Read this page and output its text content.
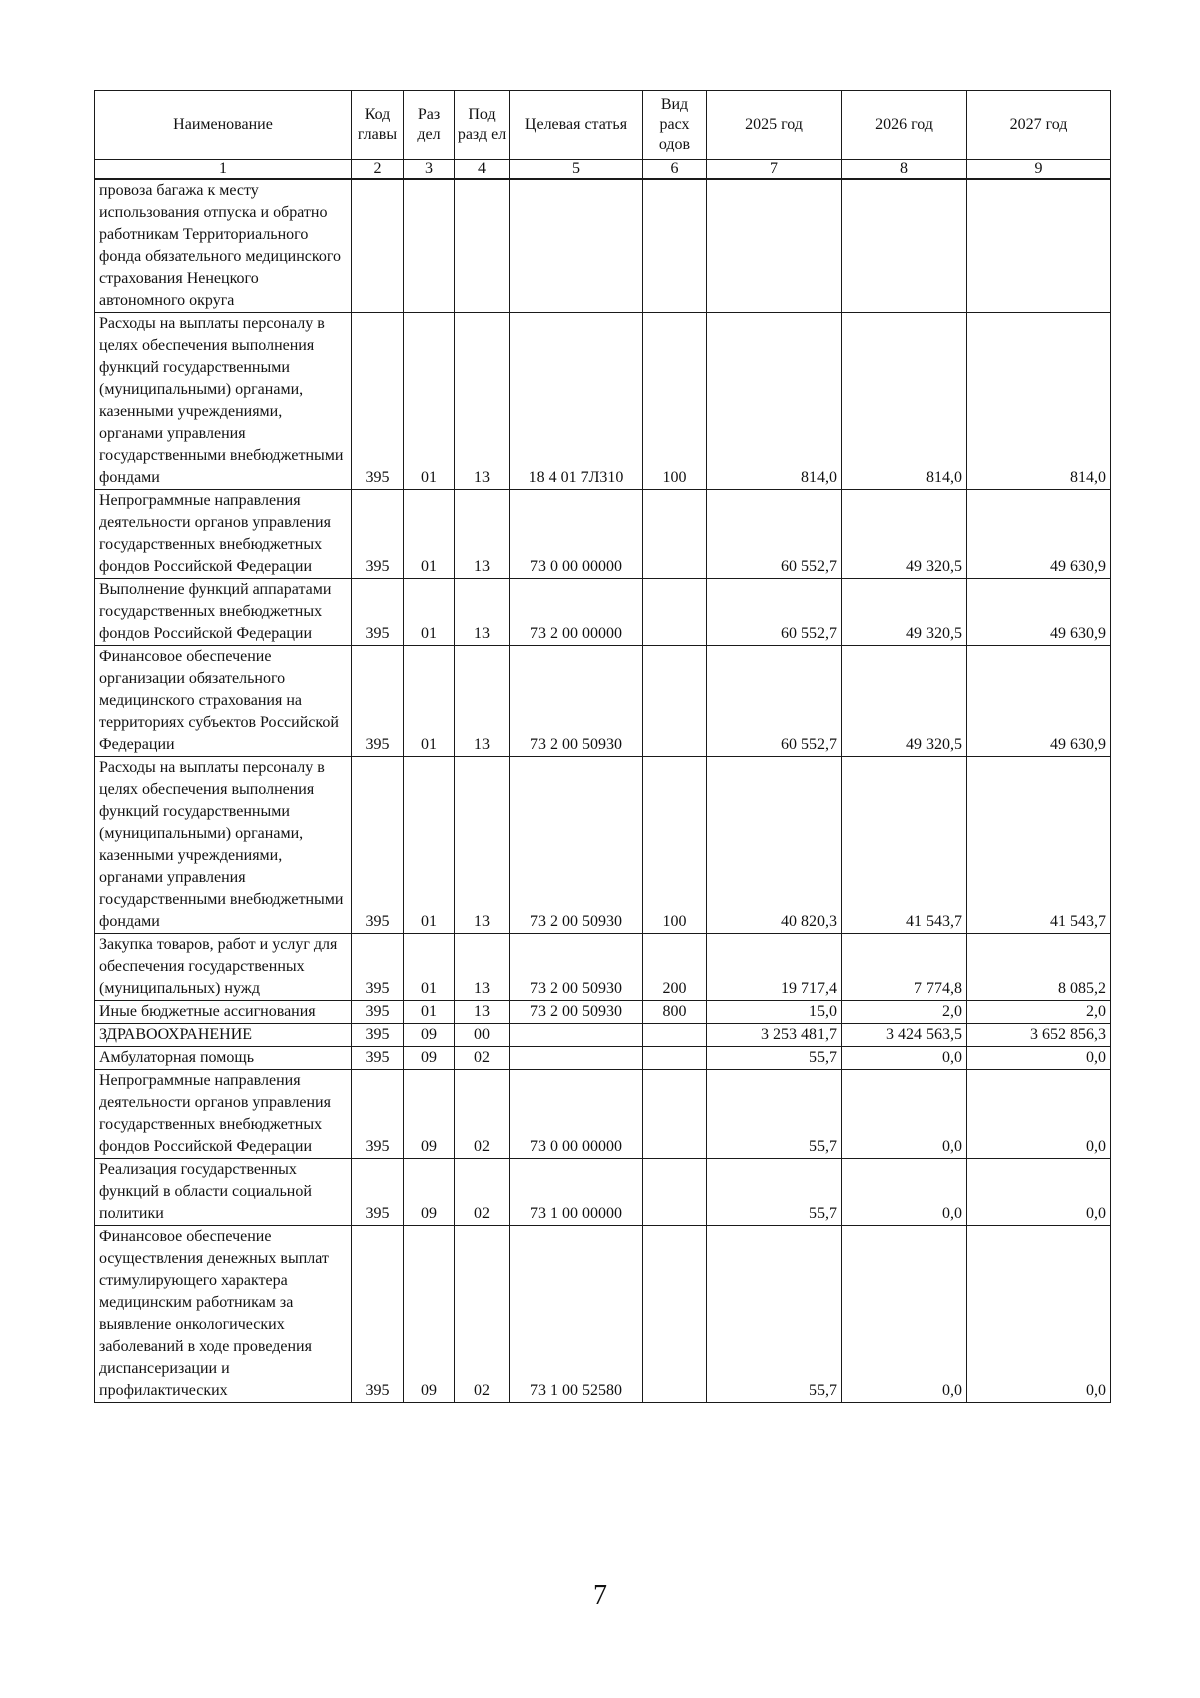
Наименование	Код главы	Раз дел	Под разд ел	Целевая статья	Вид расх одов	2025 год	2026 год	2027 год
1	2	3	4	5	6	7	8	9
провоза багажа к месту использования отпуска и обратно работникам Территориального фонда обязательного медицинского страхования Ненецкого автономного округа								
Расходы на выплаты персоналу в целях обеспечения выполнения функций государственными (муниципальными) органами, казенными учреждениями, органами управления государственными внебюджетными фондами	395	01	13	18 4 01 7Л310	100	814,0	814,0	814,0
Непрограммные направления деятельности органов управления государственных внебюджетных фондов Российской Федерации	395	01	13	73 0 00 00000		60 552,7	49 320,5	49 630,9
Выполнение функций аппаратами государственных внебюджетных фондов Российской Федерации	395	01	13	73 2 00 00000		60 552,7	49 320,5	49 630,9
Финансовое обеспечение организации обязательного медицинского страхования на территориях субъектов Российской Федерации	395	01	13	73 2 00 50930		60 552,7	49 320,5	49 630,9
Расходы на выплаты персоналу в целях обеспечения выполнения функций государственными (муниципальными) органами, казенными учреждениями, органами управления государственными внебюджетными фондами	395	01	13	73 2 00 50930	100	40 820,3	41 543,7	41 543,7
Закупка товаров, работ и услуг для обеспечения государственных (муниципальных) нужд	395	01	13	73 2 00 50930	200	19 717,4	7 774,8	8 085,2
Иные бюджетные ассигнования	395	01	13	73 2 00 50930	800	15,0	2,0	2,0
ЗДРАВООХРАНЕНИЕ	395	09	00			3 253 481,7	3 424 563,5	3 652 856,3
Амбулаторная помощь	395	09	02			55,7	0,0	0,0
Непрограммные направления деятельности органов управления государственных внебюджетных фондов Российской Федерации	395	09	02	73 0 00 00000		55,7	0,0	0,0
Реализация государственных функций в области социальной политики	395	09	02	73 1 00 00000		55,7	0,0	0,0
Финансовое обеспечение осуществления денежных выплат стимулирующего характера медицинским работникам за выявление онкологических заболеваний в ходе проведения диспансеризации и профилактических	395	09	02	73 1 00 52580		55,7	0,0	0,0
7
